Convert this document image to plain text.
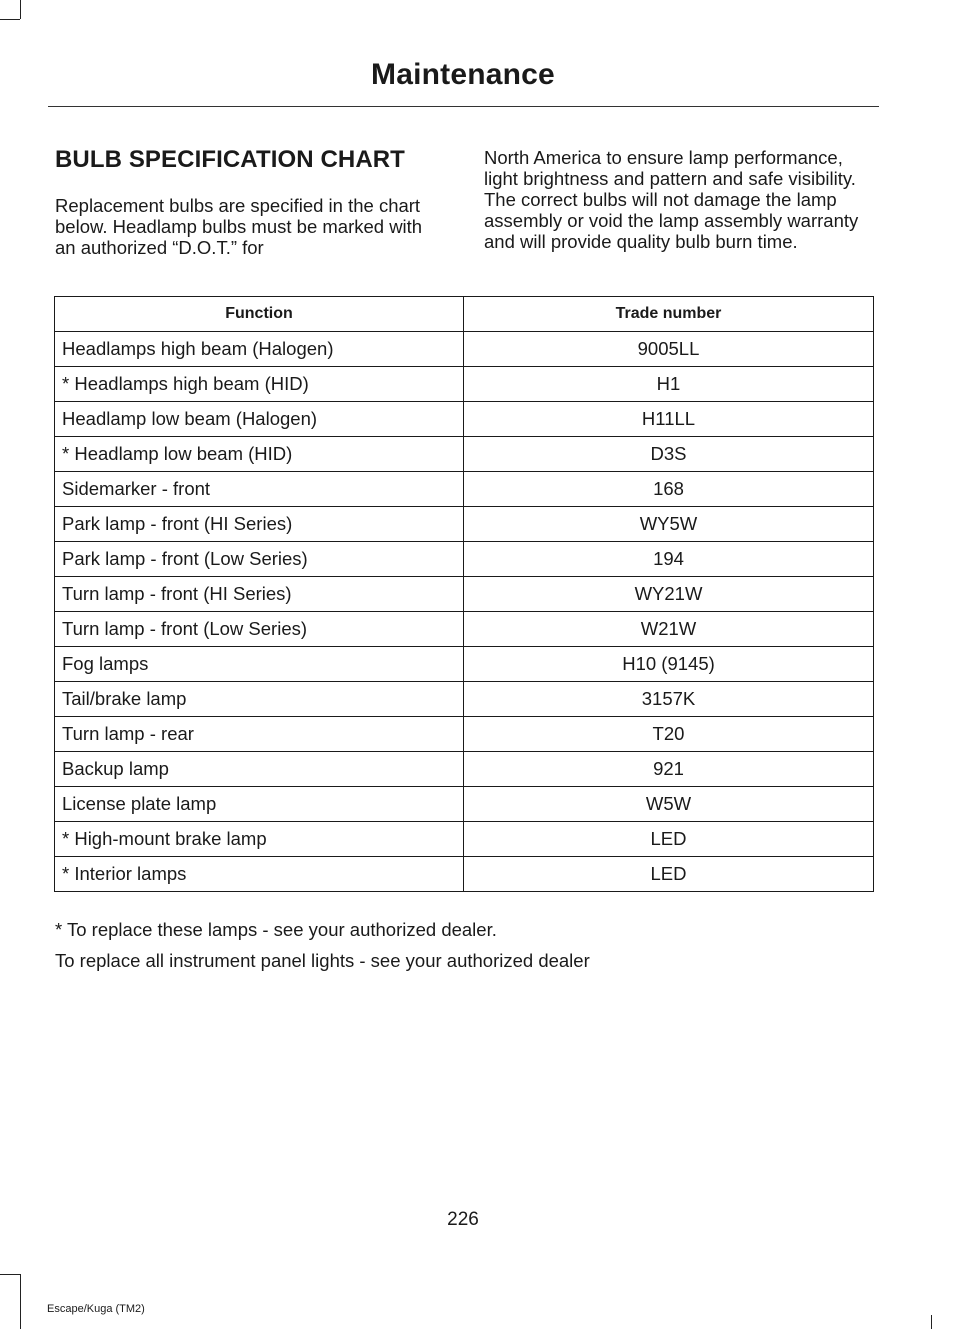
Maintenance
BULB SPECIFICATION CHART
Replacement bulbs are specified in the chart below. Headlamp bulbs must be marked with an authorized “D.O.T.” for
North America to ensure lamp performance, light brightness and pattern and safe visibility. The correct bulbs will not damage the lamp assembly or void the lamp assembly warranty and will provide quality bulb burn time.
Function	Trade number
Headlamps high beam (Halogen)	9005LL
* Headlamps high beam (HID)	H1
Headlamp low beam (Halogen)	H11LL
* Headlamp low beam (HID)	D3S
Sidemarker - front	168
Park lamp - front (HI Series)	WY5W
Park lamp - front (Low Series)	194
Turn lamp - front (HI Series)	WY21W
Turn lamp - front (Low Series)	W21W
Fog lamps	H10 (9145)
Tail/brake lamp	3157K
Turn lamp - rear	T20
Backup lamp	921
License plate lamp	W5W
* High-mount brake lamp	LED
* Interior lamps	LED
* To replace these lamps - see your authorized dealer.
To replace all instrument panel lights - see your authorized dealer
226
Escape/Kuga (TM2)
